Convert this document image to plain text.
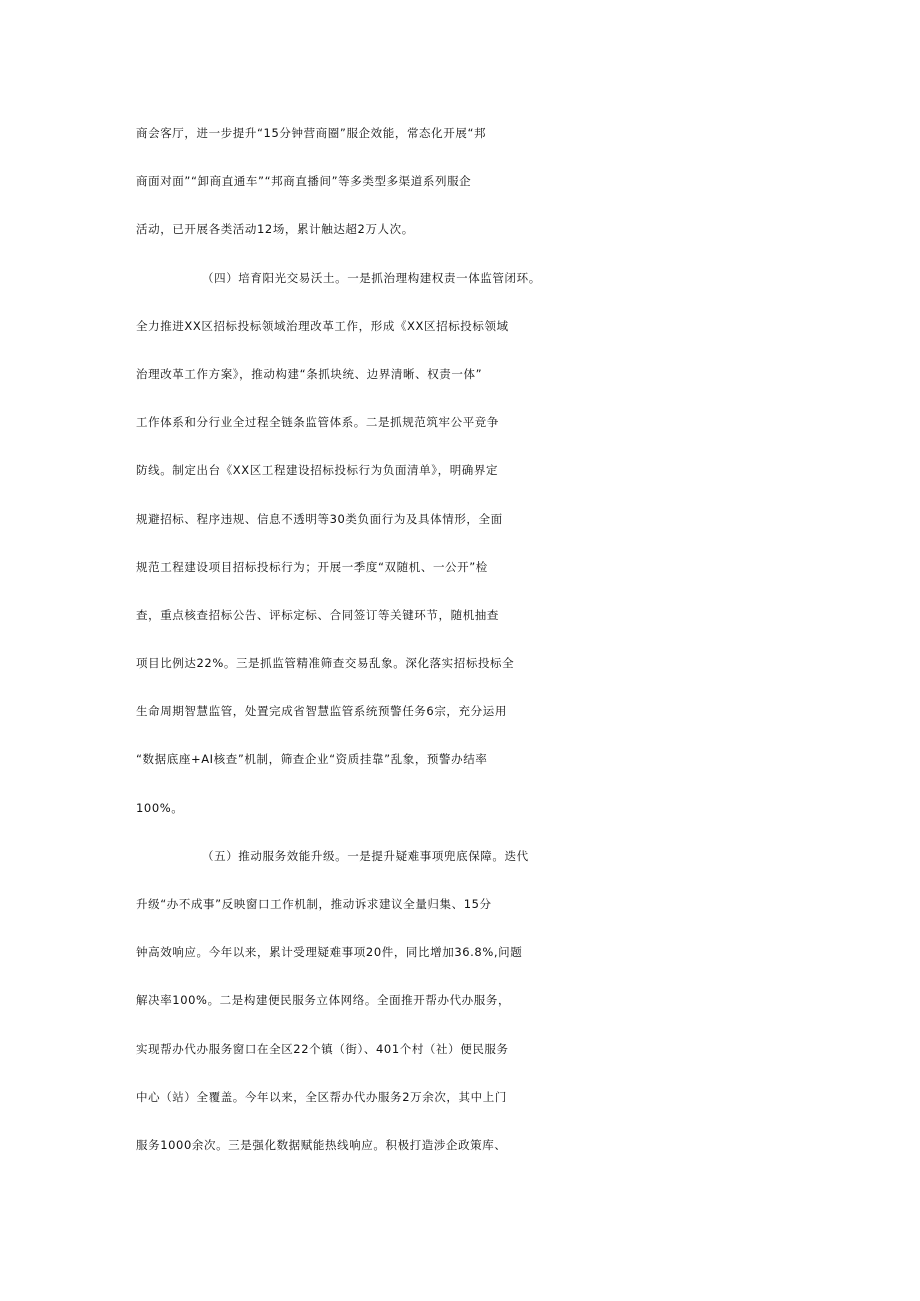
商会客厅，进一步提升“15分钟营商圈”服企效能，常态化开展“邦
商面对面”“卸商直通车”“邦商直播间”等多类型多渠道系列服企
活动，已开展各类活动12场，累计触达超2万人次。
（四）培育阳光交易沃土。一是抓治理构建权责一体监管闭环。
全力推进XX区招标投标领域治理改革工作，形成《XX区招标投标领域
治理改革工作方案》，推动构建“条抓块统、边界清晰、权责一体”
工作体系和分行业全过程全链条监管体系。二是抓规范筑牢公平竞争
防线。制定出台《XX区工程建设招标投标行为负面清单》，明确界定
规避招标、程序违规、信息不透明等30类负面行为及具体情形，全面
规范工程建设项目招标投标行为；开展一季度“双随机、一公开”检
查，重点核查招标公告、评标定标、合同签订等关键环节，随机抽查
项目比例达22%。三是抓监管精准筛查交易乱象。深化落实招标投标全
生命周期智慧监管，处置完成省智慧监管系统预警任务6宗，充分运用
“数据底座+AI核查”机制，筛查企业“资质挂靠”乱象，预警办结率
100%。
（五）推动服务效能升级。一是提升疑难事项兜底保障。迭代
升级“办不成事”反映窗口工作机制，推动诉求建议全量归集、15分
钟高效响应。今年以来，累计受理疑难事项20件，同比增加36.8%,问题
解决率100%。二是构建便民服务立体网络。全面推开帮办代办服务，
实现帮办代办服务窗口在全区22个镇（街）、401个村（社）便民服务
中心（站）全覆盖。今年以来，全区帮办代办服务2万余次，其中上门
服务1000余次。三是强化数据赋能热线响应。积极打造涉企政策库、
